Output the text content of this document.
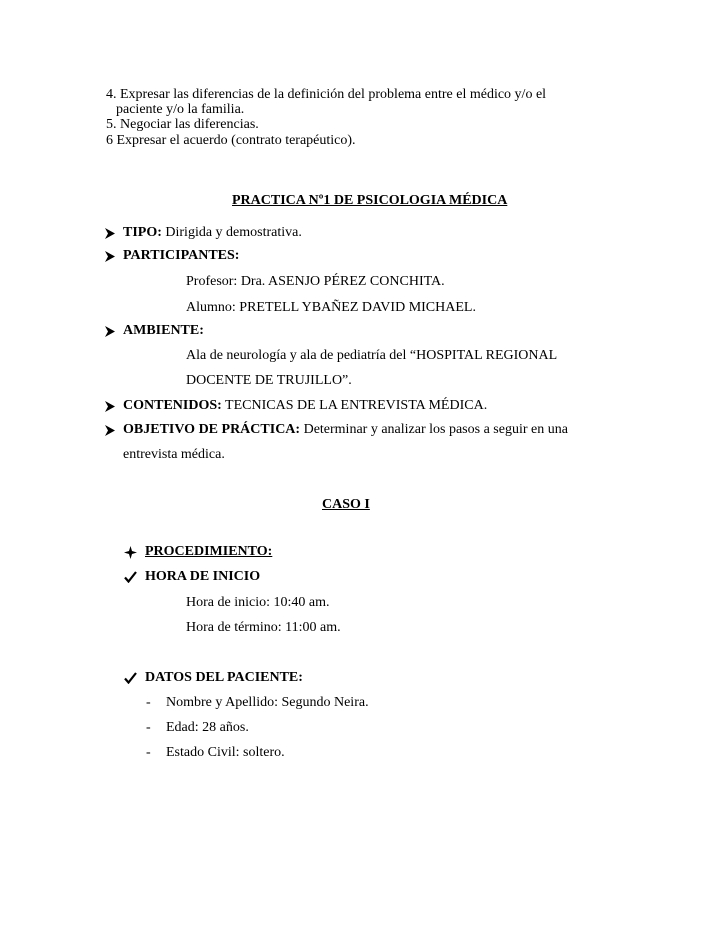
4. Expresar las diferencias de la definición del problema entre el médico y/o el
paciente y/o la familia.
5. Negociar las diferencias.
6 Expresar el acuerdo (contrato terapéutico).
PRACTICA Nº1 DE PSICOLOGIA MÉDICA
TIPO: Dirigida y demostrativa.
PARTICIPANTES:
Profesor: Dra. ASENJO PÉREZ CONCHITA.
Alumno: PRETELL YBAÑEZ DAVID MICHAEL.
AMBIENTE:
Ala de neurología y ala de pediatría del “HOSPITAL REGIONAL
DOCENTE DE TRUJILLO”.
CONTENIDOS: TECNICAS DE LA ENTREVISTA MÉDICA.
OBJETIVO DE PRÁCTICA: Determinar y analizar los pasos a seguir en una
entrevista médica.
CASO I
PROCEDIMIENTO:
HORA DE INICIO
Hora de inicio: 10:40 am.
Hora de término: 11:00 am.
DATOS DEL PACIENTE:
- Nombre y Apellido: Segundo Neira.
- Edad: 28 años.
- Estado Civil: soltero.
